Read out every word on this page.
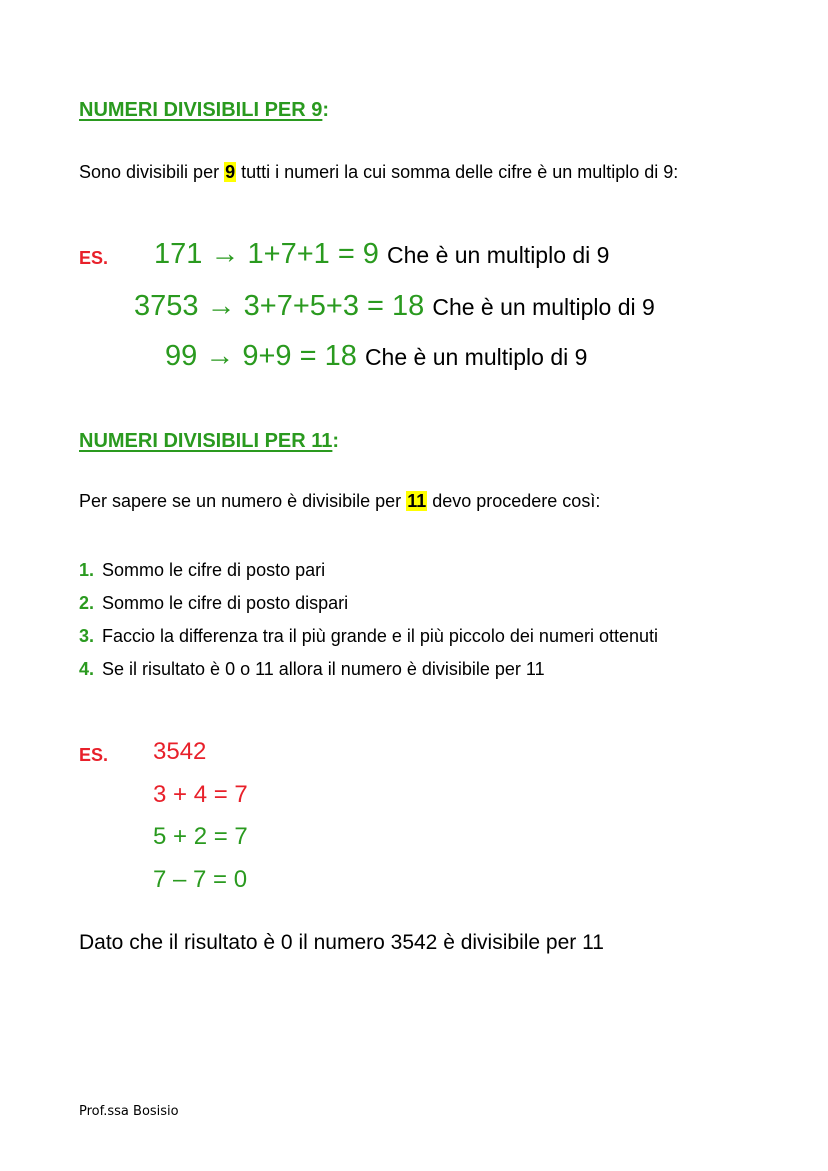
NUMERI DIVISIBILI PER 9:
Sono divisibili per 9 tutti i numeri la cui somma delle cifre è un multiplo di 9:
ES. 171 → 1+7+1 = 9 Che è un multiplo di 9
3753 → 3+7+5+3 = 18 Che è un multiplo di 9
99 → 9+9 = 18 Che è un multiplo di 9
NUMERI DIVISIBILI PER 11:
Per sapere se un numero è divisibile per 11 devo procedere così:
1. Sommo le cifre di posto pari
2. Sommo le cifre di posto dispari
3. Faccio la differenza tra il più grande e il più piccolo dei numeri ottenuti
4. Se il risultato è 0 o 11 allora il numero è divisibile per 11
ES. 3542
3 + 4 = 7
5 + 2 = 7
7 – 7 = 0
Dato che il risultato è 0 il numero 3542 è divisibile per 11
Prof.ssa Bosisio
